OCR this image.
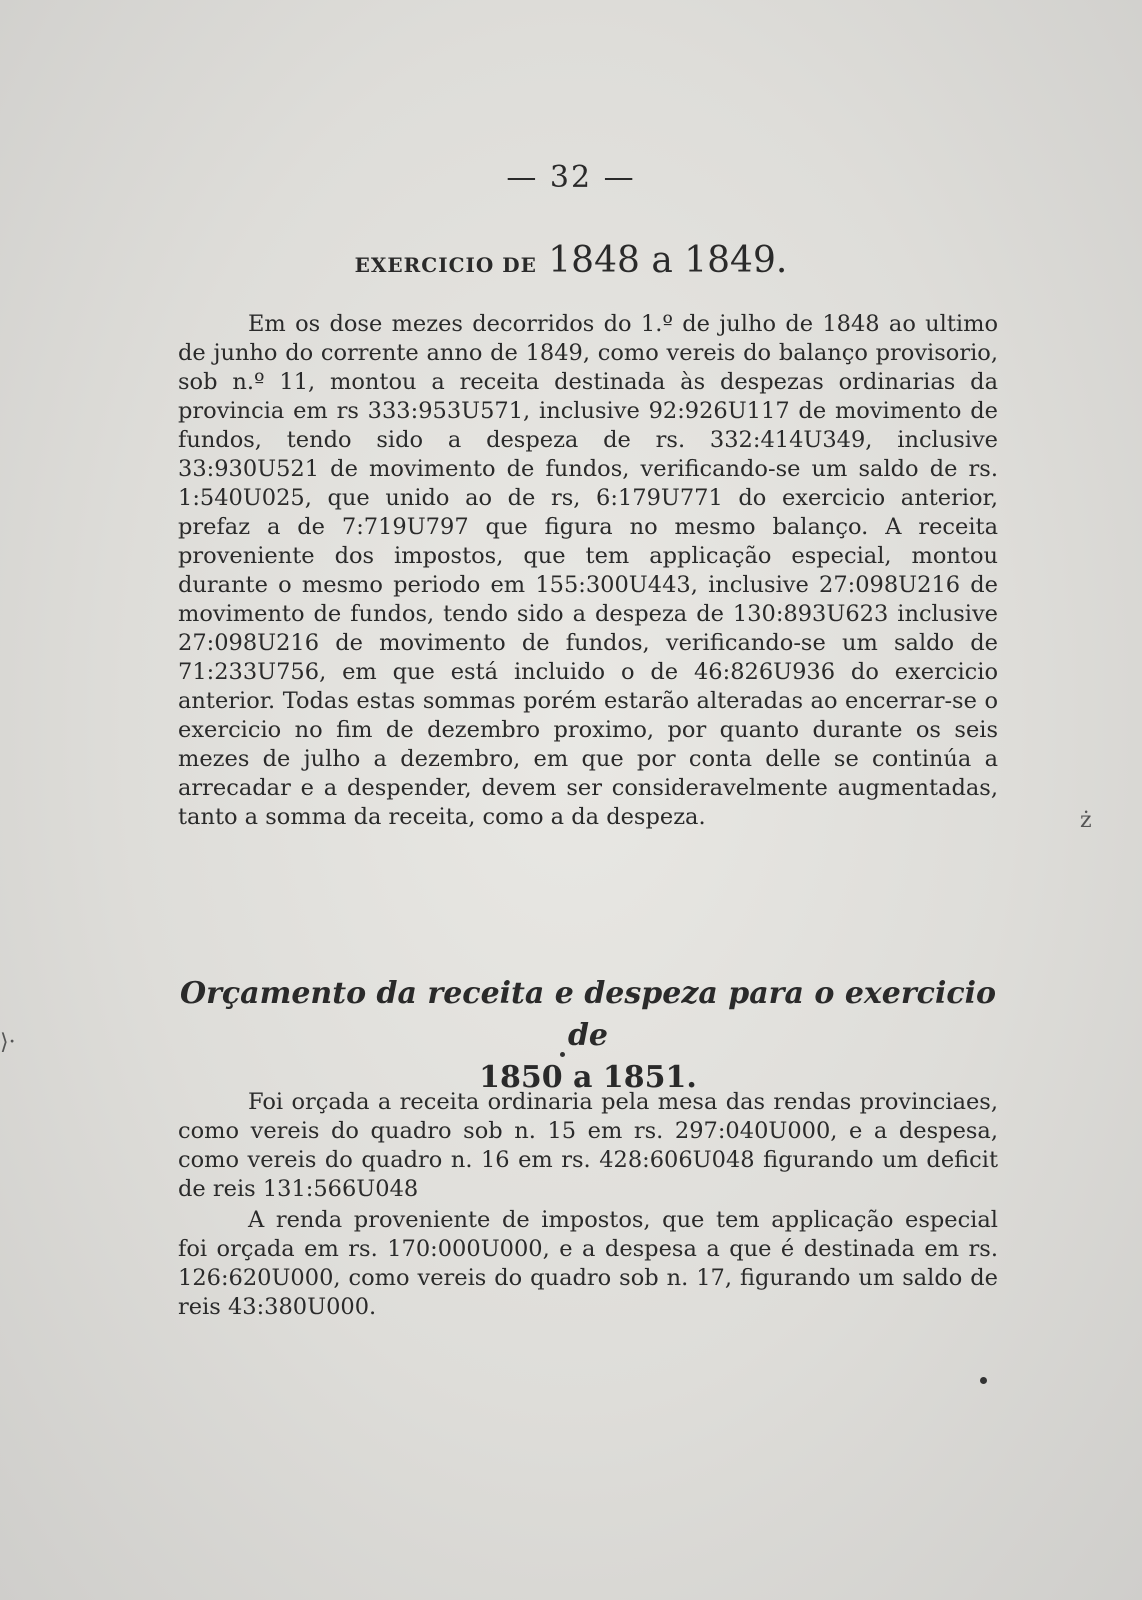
— 32 —
EXERCICIO DE 1848 a 1849.

Em os dose mezes decorridos do 1.º de julho de 1848 ao ultimo de junho do corrente anno de 1849, como vereis do balanço provisorio, sob n.º 11, montou a receita destinada às despezas ordinarias da provincia em rs 333:953U571, inclusive 92:926U117 de movimento de fundos, tendo sido a despeza de rs. 332:414U349, inclusive 33:930U521 de movimento de fundos, verificando-se um saldo de rs. 1:540U025, que unido ao de rs, 6:179U771 do exercicio anterior, prefaz a de 7:719U797 que figura no mesmo balanço. A receita proveniente dos impostos, que tem applicação especial, montou durante o mesmo periodo em 155:300U443, inclusive 27:098U216 de movimento de fundos, tendo sido a despeza de 130:893U623 inclusive 27:098U216 de movimento de fundos, verificando-se um saldo de 71:233U756, em que está incluido o de 46:826U936 do exercicio anterior. Todas estas sommas porém estarão alteradas ao encerrar-se o exercicio no fim de dezembro proximo, por quanto durante os seis mezes de julho a dezembro, em que por conta delle se continúa a arrecadar e a despender, devem ser consideravelmente augmentadas, tanto a somma da receita, como a da despeza.

Orçamento da receita e despeza para o exercicio de
1850 a 1851.

Foi orçada a receita ordinaria pela mesa das rendas provinciaes, como vereis do quadro sob n. 15 em rs. 297:040U000, e a despesa, como vereis do quadro n. 16 em rs. 428:606U048 figurando um deficit de reis 131:566U048

A renda proveniente de impostos, que tem applicação especial foi orçada em rs. 170:000U000, e a despesa a que é destinada em rs. 126:620U000, como vereis do quadro sob n. 17, figurando um saldo de reis 43:380U000.

ż
⟩·
